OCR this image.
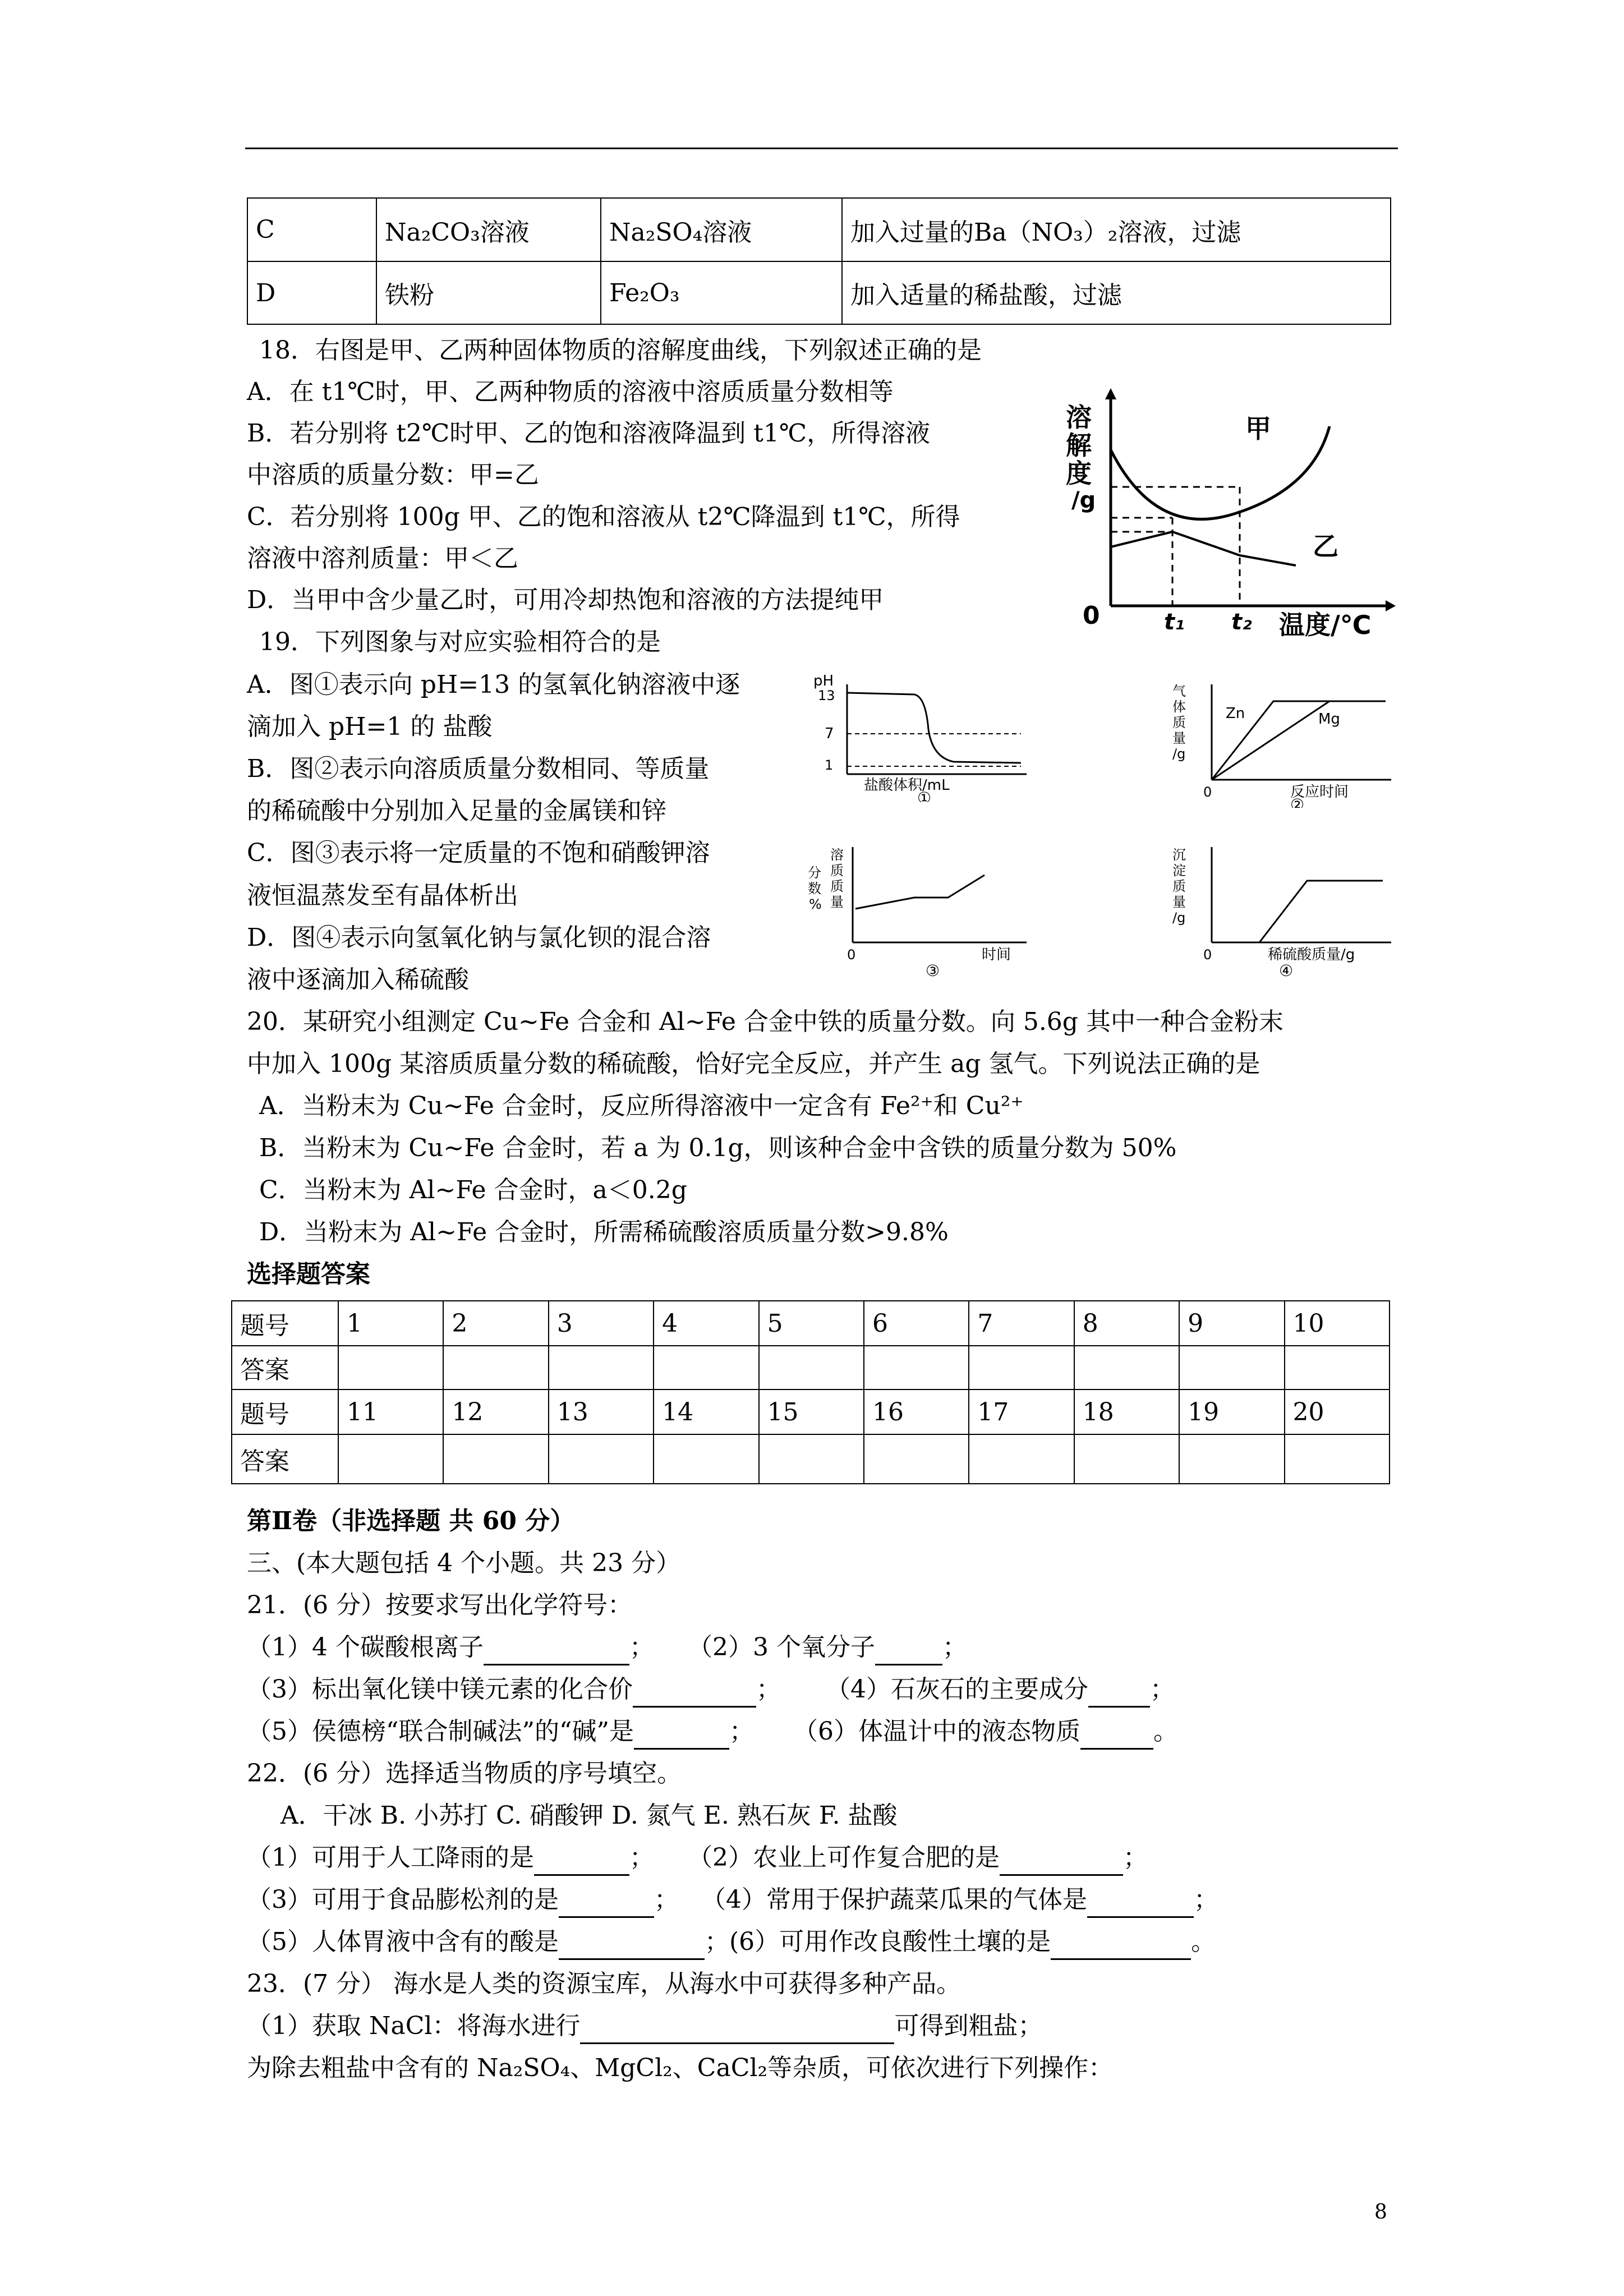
C	Na₂CO₃溶液	Na₂SO₄溶液	加入过量的Ba（NO₃）₂溶液，过滤
D	铁粉	Fe₂O₃	加入适量的稀盐酸，过滤
18．右图是甲、乙两种固体物质的溶解度曲线，下列叙述正确的是
A．在 t1℃时，甲、乙两种物质的溶液中溶质质量分数相等
B．若分别将 t2℃时甲、乙的饱和溶液降温到 t1℃，所得溶液
中溶质的质量分数：甲=乙
C．若分别将 100g 甲、乙的饱和溶液从 t2℃降温到 t1℃，所得
溶液中溶剂质量：甲＜乙
D．当甲中含少量乙时，可用冷却热饱和溶液的方法提纯甲
溶
解
度
/g
0	t₁ t₂ 温度/℃
甲
乙
19．下列图象与对应实验相符合的是
A．图①表示向 pH=13 的氢氧化钠溶液中逐
滴加入 pH=1 的 盐酸
B．图②表示向溶质质量分数相同、等质量
的稀硫酸中分别加入足量的金属镁和锌
C．图③表示将一定质量的不饱和硝酸钾溶
液恒温蒸发至有晶体析出
D．图④表示向氢氧化钠与氯化钡的混合溶
液中逐滴加入稀硫酸
pH
13
7
1
盐酸体积/mL
①
气
体
质
量
/g
Zn	Mg
0	反应时间
②
溶
质
质
量
分
数
%
0	时间
③
沉
淀
质
量
/g
0	稀硫酸质量/g
④
20．某研究小组测定 Cu~Fe 合金和 Al~Fe 合金中铁的质量分数。向 5.6g 其中一种合金粉末
中加入 100g 某溶质质量分数的稀硫酸，恰好完全反应，并产生 ag 氢气。下列说法正确的是
A．当粉末为 Cu~Fe 合金时，反应所得溶液中一定含有 Fe²⁺和 Cu²⁺
B．当粉末为 Cu~Fe 合金时，若 a 为 0.1g，则该种合金中含铁的质量分数为 50%
C．当粉末为 Al~Fe 合金时，a＜0.2g
D．当粉末为 Al~Fe 合金时，所需稀硫酸溶质质量分数>9.8%
选择题答案
题号	1	2	3	4	5	6	7	8	9	10
答案										
题号	11	12	13	14	15	16	17	18	19	20
答案										
第Ⅱ卷（非选择题 共 60 分）
三、(本大题包括 4 个小题。共 23 分）
21．(6 分）按要求写出化学符号：
（1）4 个碳酸根离子	； （2）3 个氧分子	；
（3）标出氧化镁中镁元素的化合价	； （4）石灰石的主要成分	；
（5）侯德榜“联合制碱法”的“碱”是	； （6）体温计中的液态物质	。
22．(6 分）选择适当物质的序号填空。
A．干冰 B. 小苏打 C. 硝酸钾 D. 氮气 E. 熟石灰 F. 盐酸
（1）可用于人工降雨的是	； （2）农业上可作复合肥的是	；
（3）可用于食品膨松剂的是	； （4）常用于保护蔬菜瓜果的气体是	；
（5）人体胃液中含有的酸是	；(6）可用作改良酸性土壤的是	。
23．(7 分） 海水是人类的资源宝库，从海水中可获得多种产品。
（1）获取 NaCl：将海水进行	可得到粗盐；
为除去粗盐中含有的 Na₂SO₄、MgCl₂、CaCl₂等杂质，可依次进行下列操作：
8
